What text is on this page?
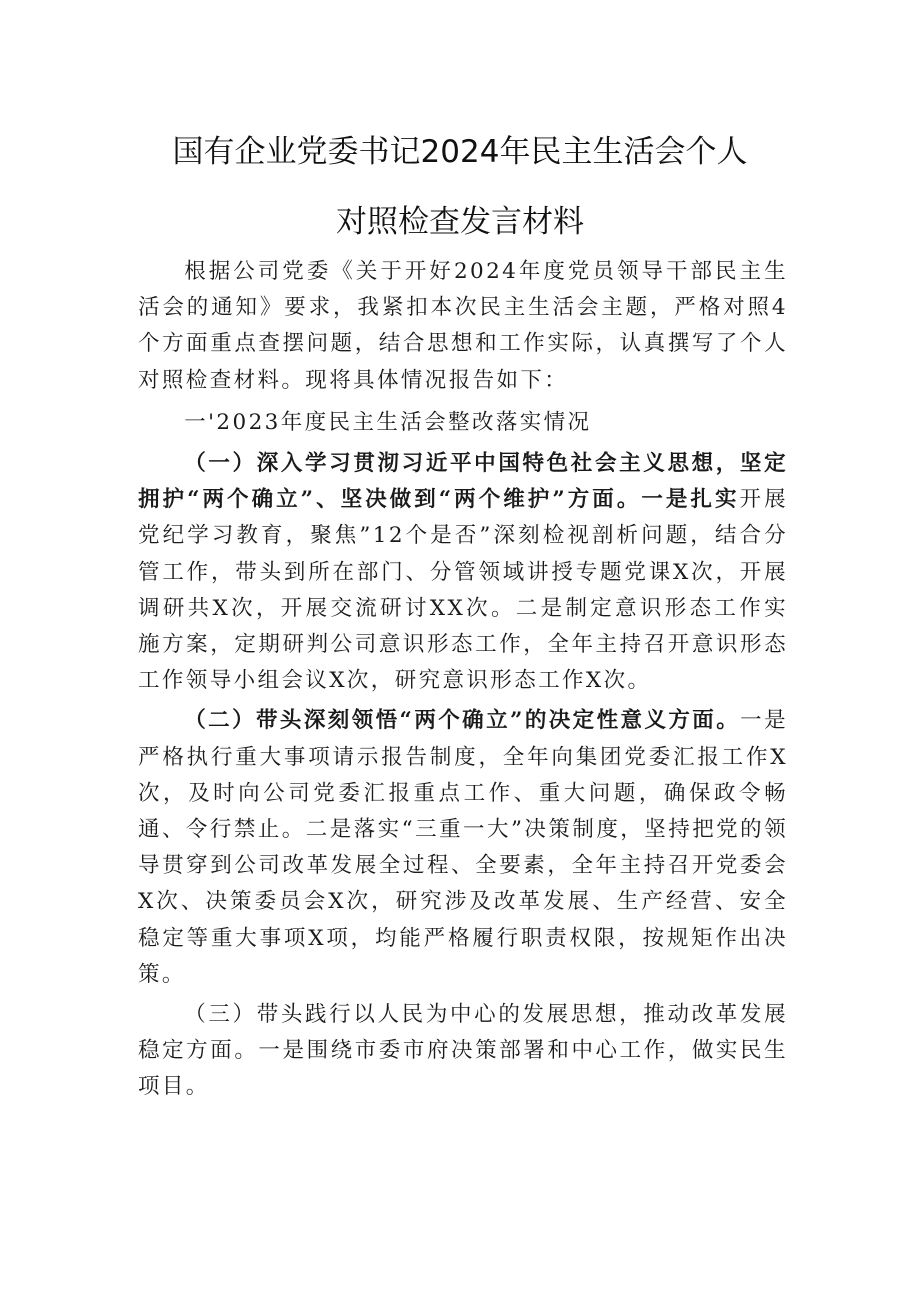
国有企业党委书记2024年民主生活会个人
对照检查发言材料

根据公司党委《关于开好2024年度党员领导干部民主生活会的通知》要求，我紧扣本次民主生活会主题，严格对照4个方面重点查摆问题，结合思想和工作实际，认真撰写了个人对照检查材料。现将具体情况报告如下：

一'2023年度民主生活会整改落实情况

（一）深入学习贯沏习近平中国特色社会主义思想，坚定拥护“两个确立”、坚决做到“两个维护”方面。一是扎实开展党纪学习教育，聚焦”12个是否”深刻检视剖析问题，结合分管工作，带头到所在部门、分管领域讲授专题党课X次，开展调研共X次，开展交流研讨XX次。二是制定意识形态工作实施方案，定期研判公司意识形态工作，全年主持召开意识形态工作领导小组会议X次，研究意识形态工作X次。

（二）带头深刻领悟“两个确立”的决定性意义方面。一是严格执行重大事项请示报告制度，全年向集团党委汇报工作X次，及时向公司党委汇报重点工作、重大问题，确保政令畅通、令行禁止。二是落实“三重一大”决策制度，坚持把党的领导贯穿到公司改革发展全过程、全要素，全年主持召开党委会X次、决策委员会X次，研究涉及改革发展、生产经营、安全稳定等重大事项X项，均能严格履行职责权限，按规矩作出决策。

（三）带头践行以人民为中心的发展思想，推动改革发展稳定方面。一是围绕市委市府决策部署和中心工作，做实民生项目。
